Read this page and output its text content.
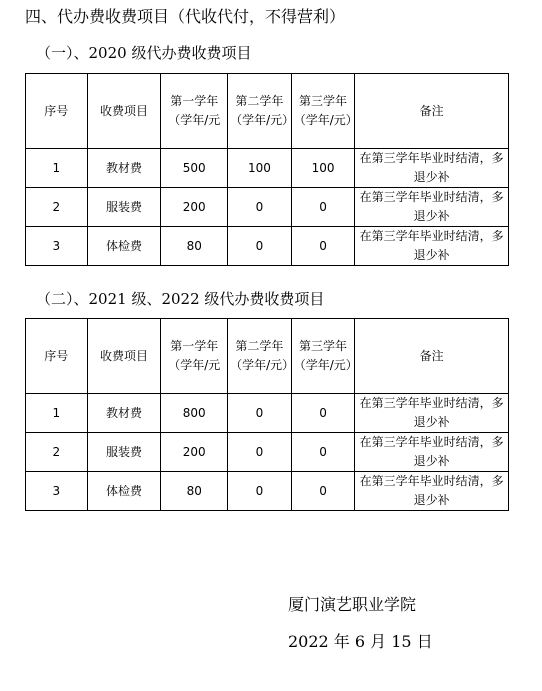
四、代办费收费项目（代收代付，不得营利）
（一）、2020 级代办费收费项目
序号	收费项目	第一学年（学年/元	第二学年（学年/元）	第三学年（学年/元）	备注
1	教材费	500	100	100	在第三学年毕业时结清，多退少补
2	服装费	200	0	0	在第三学年毕业时结清，多退少补
3	体检费	80	0	0	在第三学年毕业时结清，多退少补
（二）、2021 级、2022 级代办费收费项目
序号	收费项目	第一学年（学年/元	第二学年（学年/元）	第三学年（学年/元）	备注
1	教材费	800	0	0	在第三学年毕业时结清，多退少补
2	服装费	200	0	0	在第三学年毕业时结清，多退少补
3	体检费	80	0	0	在第三学年毕业时结清，多退少补
厦门演艺职业学院
2022 年 6 月 15 日
